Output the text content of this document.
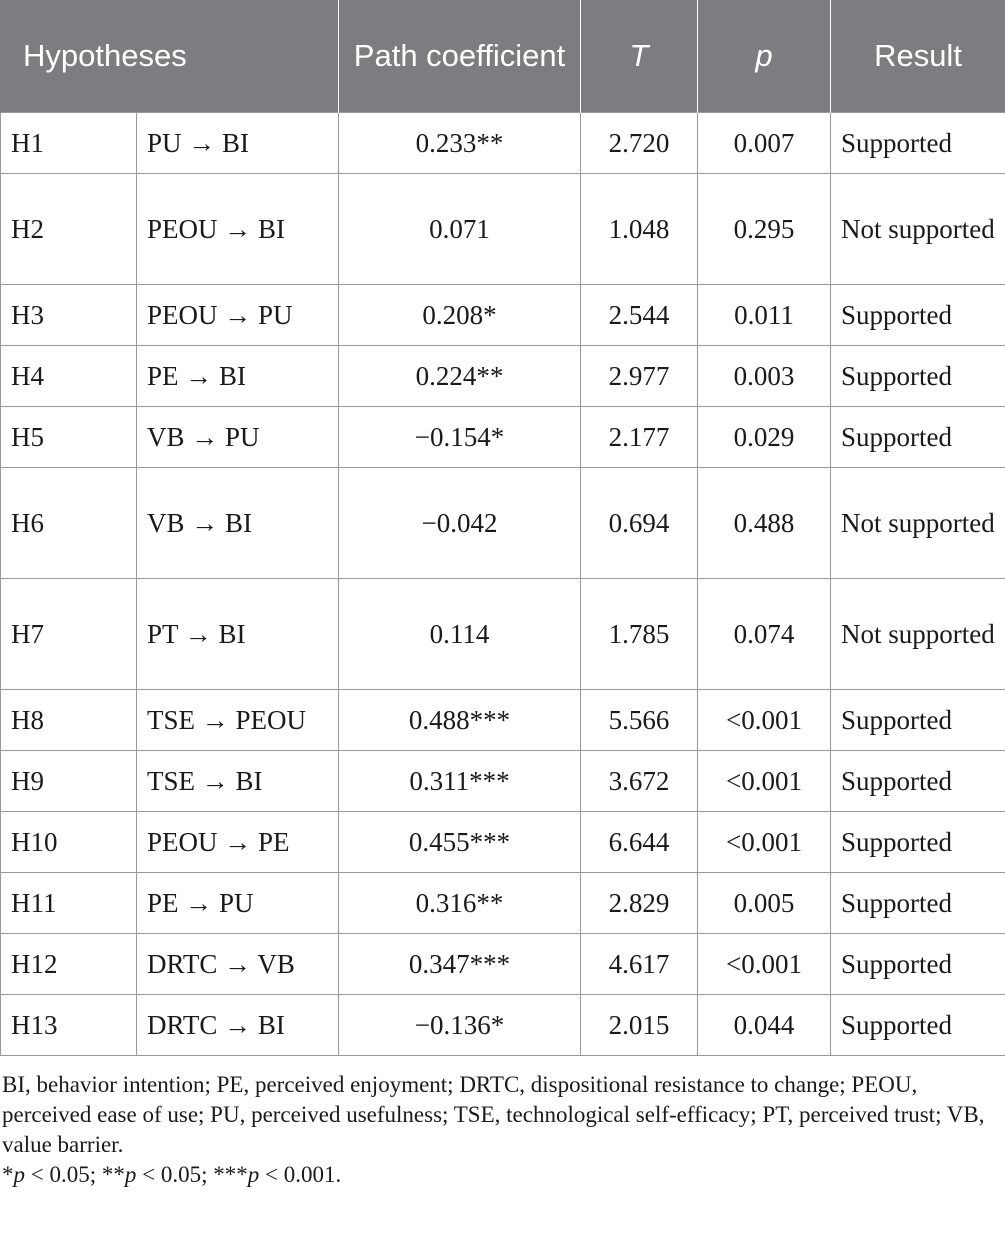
Hypotheses		Path coefficient	T	p	Result
H1	PU → BI	0.233**	2.720	0.007	Supported
H2	PEOU → BI	0.071	1.048	0.295	Not supported
H3	PEOU → PU	0.208*	2.544	0.011	Supported
H4	PE → BI	0.224**	2.977	0.003	Supported
H5	VB → PU	−0.154*	2.177	0.029	Supported
H6	VB → BI	−0.042	0.694	0.488	Not supported
H7	PT → BI	0.114	1.785	0.074	Not supported
H8	TSE → PEOU	0.488***	5.566	<0.001	Supported
H9	TSE → BI	0.311***	3.672	<0.001	Supported
H10	PEOU → PE	0.455***	6.644	<0.001	Supported
H11	PE → PU	0.316**	2.829	0.005	Supported
H12	DRTC → VB	0.347***	4.617	<0.001	Supported
H13	DRTC → BI	−0.136*	2.015	0.044	Supported

BI, behavior intention; PE, perceived enjoyment; DRTC, dispositional resistance to change; PEOU, perceived ease of use; PU, perceived usefulness; TSE, technological self-efficacy; PT, perceived trust; VB, value barrier.

*p < 0.05; **p < 0.05; ***p < 0.001.
